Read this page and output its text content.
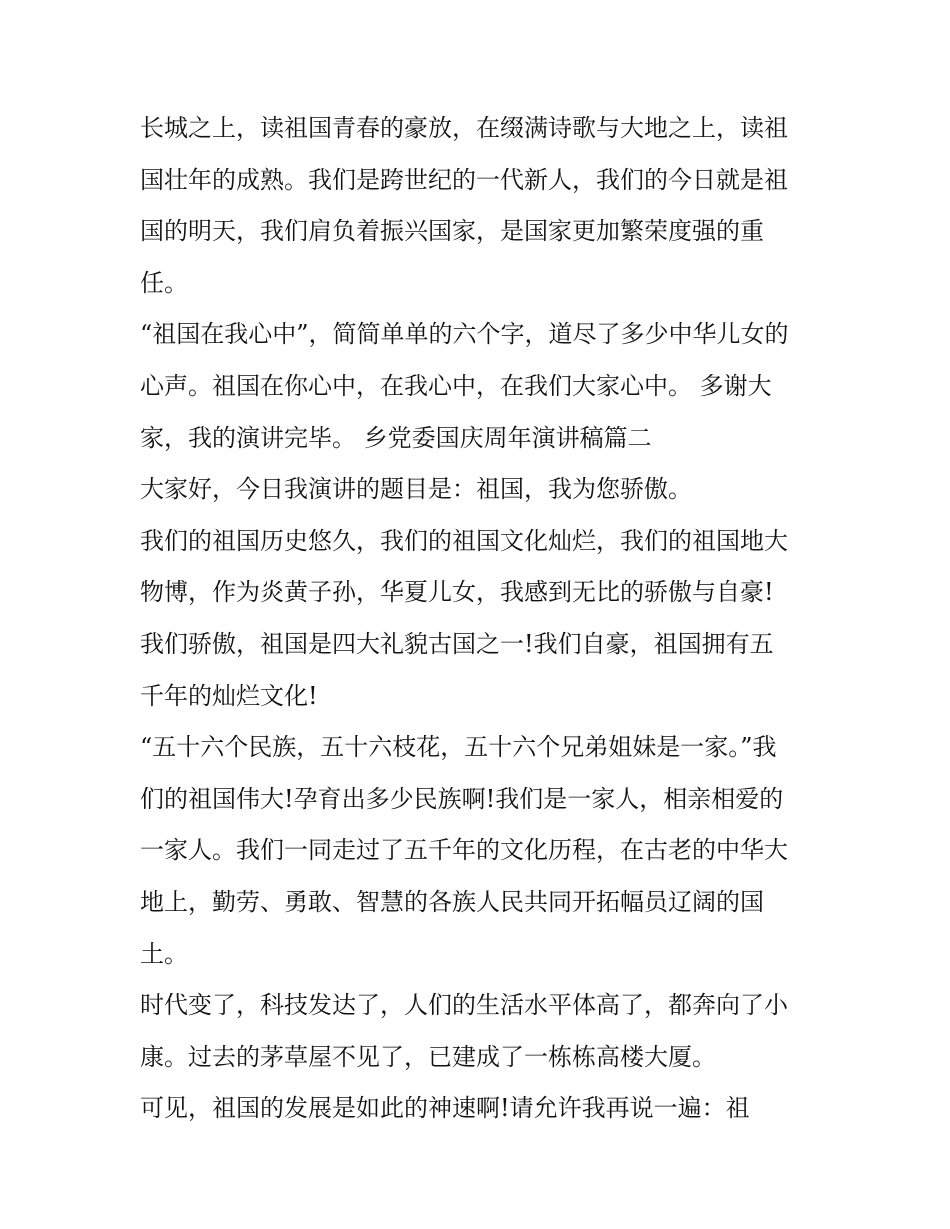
长城之上，读祖国青春的豪放，在缀满诗歌与大地之上，读祖
国壮年的成熟。我们是跨世纪的一代新人，我们的今日就是祖
国的明天，我们肩负着振兴国家，是国家更加繁荣度强的重
任。
“祖国在我心中”，简简单单的六个字，道尽了多少中华儿女的
心声。祖国在你心中，在我心中，在我们大家心中。 多谢大
家，我的演讲完毕。 乡党委国庆周年演讲稿篇二
大家好，今日我演讲的题目是：祖国，我为您骄傲。
我们的祖国历史悠久，我们的祖国文化灿烂，我们的祖国地大
物博，作为炎黄子孙，华夏儿女，我感到无比的骄傲与自豪!
我们骄傲，祖国是四大礼貌古国之一!我们自豪，祖国拥有五
千年的灿烂文化!
“五十六个民族，五十六枝花，五十六个兄弟姐妹是一家。”我
们的祖国伟大!孕育出多少民族啊!我们是一家人，相亲相爱的
一家人。我们一同走过了五千年的文化历程，在古老的中华大
地上，勤劳、勇敢、智慧的各族人民共同开拓幅员辽阔的国
土。
时代变了，科技发达了，人们的生活水平体高了，都奔向了小
康。过去的茅草屋不见了，已建成了一栋栋高楼大厦。
可见，祖国的发展是如此的神速啊!请允许我再说一遍：祖
